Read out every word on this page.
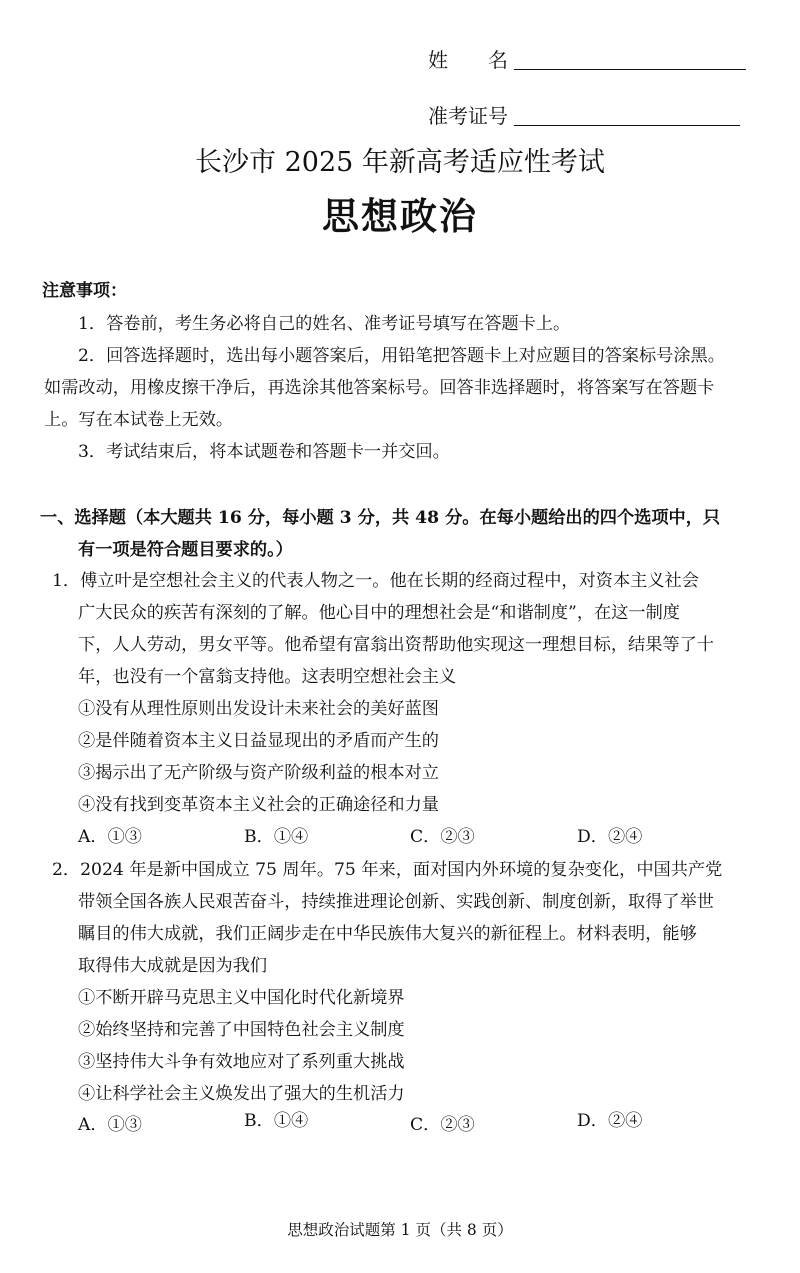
姓　　名
准考证号
长沙市 2025 年新高考适应性考试
思想政治
注意事项：
1．答卷前，考生务必将自己的姓名、准考证号填写在答题卡上。
2．回答选择题时，选出每小题答案后，用铅笔把答题卡上对应题目的答案标号涂黑。
如需改动，用橡皮擦干净后，再选涂其他答案标号。回答非选择题时，将答案写在答题卡
上。写在本试卷上无效。
3．考试结束后，将本试题卷和答题卡一并交回。
一、选择题（本大题共 16 分，每小题 3 分，共 48 分。在每小题给出的四个选项中，只
有一项是符合题目要求的。）
1．傅立叶是空想社会主义的代表人物之一。他在长期的经商过程中，对资本主义社会
广大民众的疾苦有深刻的了解。他心目中的理想社会是“和谐制度”，在这一制度
下，人人劳动，男女平等。他希望有富翁出资帮助他实现这一理想目标，结果等了十
年，也没有一个富翁支持他。这表明空想社会主义
①没有从理性原则出发设计未来社会的美好蓝图
②是伴随着资本主义日益显现出的矛盾而产生的
③揭示出了无产阶级与资产阶级利益的根本对立
④没有找到变革资本主义社会的正确途径和力量
A．①③	B．①④	C．②③	D．②④
2．2024 年是新中国成立 75 周年。75 年来，面对国内外环境的复杂变化，中国共产党
带领全国各族人民艰苦奋斗，持续推进理论创新、实践创新、制度创新，取得了举世
瞩目的伟大成就，我们正阔步走在中华民族伟大复兴的新征程上。材料表明，能够
取得伟大成就是因为我们
①不断开辟马克思主义中国化时代化新境界
②始终坚持和完善了中国特色社会主义制度
③坚持伟大斗争有效地应对了系列重大挑战
④让科学社会主义焕发出了强大的生机活力
A．①③	B．①④	C．②③	D．②④
思想政治试题第 1 页（共 8 页）
